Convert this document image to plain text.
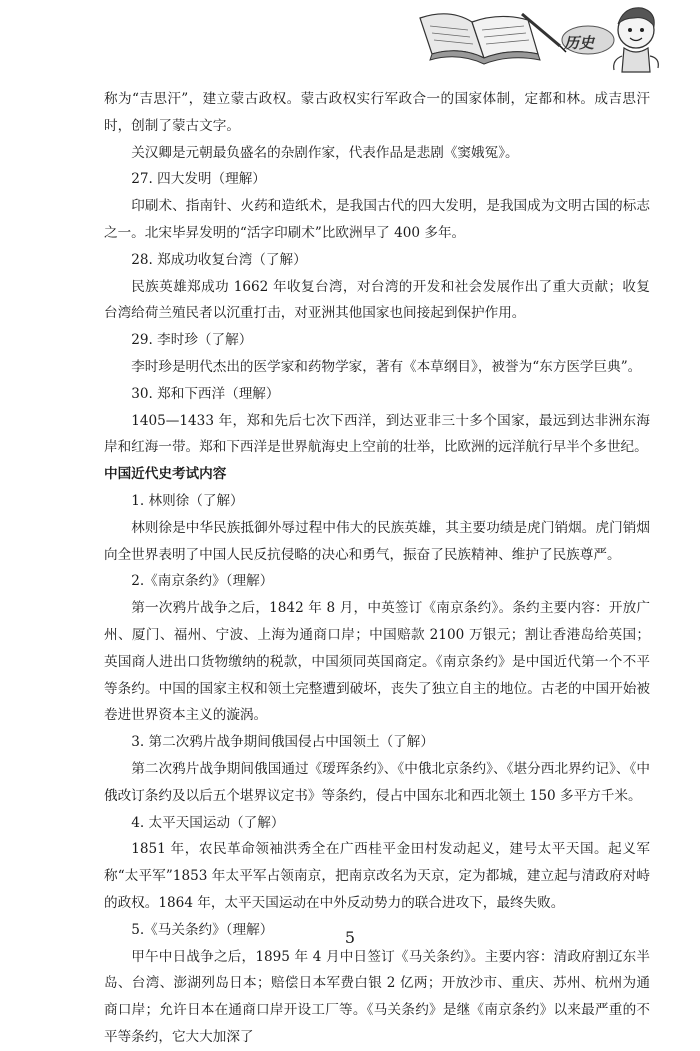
历史

称为“吉思汗”，建立蒙古政权。蒙古政权实行军政合一的国家体制，定都和林。成吉思汗时，创制了蒙古文字。

关汉卿是元朝最负盛名的杂剧作家，代表作品是悲剧《窦娥冤》。

27. 四大发明（理解）

印刷术、指南针、火药和造纸术，是我国古代的四大发明，是我国成为文明古国的标志之一。北宋毕昇发明的“活字印刷术”比欧洲早了 400 多年。

28. 郑成功收复台湾（了解）

民族英雄郑成功 1662 年收复台湾，对台湾的开发和社会发展作出了重大贡献；收复台湾给荷兰殖民者以沉重打击，对亚洲其他国家也间接起到保护作用。

29. 李时珍（了解）

李时珍是明代杰出的医学家和药物学家，著有《本草纲目》，被誉为“东方医学巨典”。

30. 郑和下西洋（理解）

1405—1433 年，郑和先后七次下西洋，到达亚非三十多个国家，最远到达非洲东海岸和红海一带。郑和下西洋是世界航海史上空前的壮举，比欧洲的远洋航行早半个多世纪。

中国近代史考试内容

1. 林则徐（了解）

林则徐是中华民族抵御外辱过程中伟大的民族英雄，其主要功绩是虎门销烟。虎门销烟向全世界表明了中国人民反抗侵略的决心和勇气，振奋了民族精神、维护了民族尊严。

2.《南京条约》（理解）

第一次鸦片战争之后，1842 年 8 月，中英签订《南京条约》。条约主要内容：开放广州、厦门、福州、宁波、上海为通商口岸；中国赔款 2100 万银元；割让香港岛给英国；英国商人进出口货物缴纳的税款，中国须同英国商定。《南京条约》是中国近代第一个不平等条约。中国的国家主权和领土完整遭到破坏，丧失了独立自主的地位。古老的中国开始被卷进世界资本主义的漩涡。

3. 第二次鸦片战争期间俄国侵占中国领土（了解）

第二次鸦片战争期间俄国通过《瑷珲条约》、《中俄北京条约》、《堪分西北界约记》、《中俄改订条约及以后五个堪界议定书》等条约，侵占中国东北和西北领土 150 多平方千米。

4. 太平天国运动（了解）

1851 年，农民革命领袖洪秀全在广西桂平金田村发动起义，建号太平天国。起义军称“太平军”1853 年太平军占领南京，把南京改名为天京，定为都城，建立起与清政府对峙的政权。1864 年，太平天国运动在中外反动势力的联合进攻下，最终失败。

5.《马关条约》（理解）

甲午中日战争之后，1895 年 4 月中日签订《马关条约》。主要内容：清政府割辽东半岛、台湾、澎湖列岛日本；赔偿日本军费白银 2 亿两；开放沙市、重庆、苏州、杭州为通商口岸；允许日本在通商口岸开设工厂等。《马关条约》是继《南京条约》以来最严重的不平等条约，它大大加深了

5
